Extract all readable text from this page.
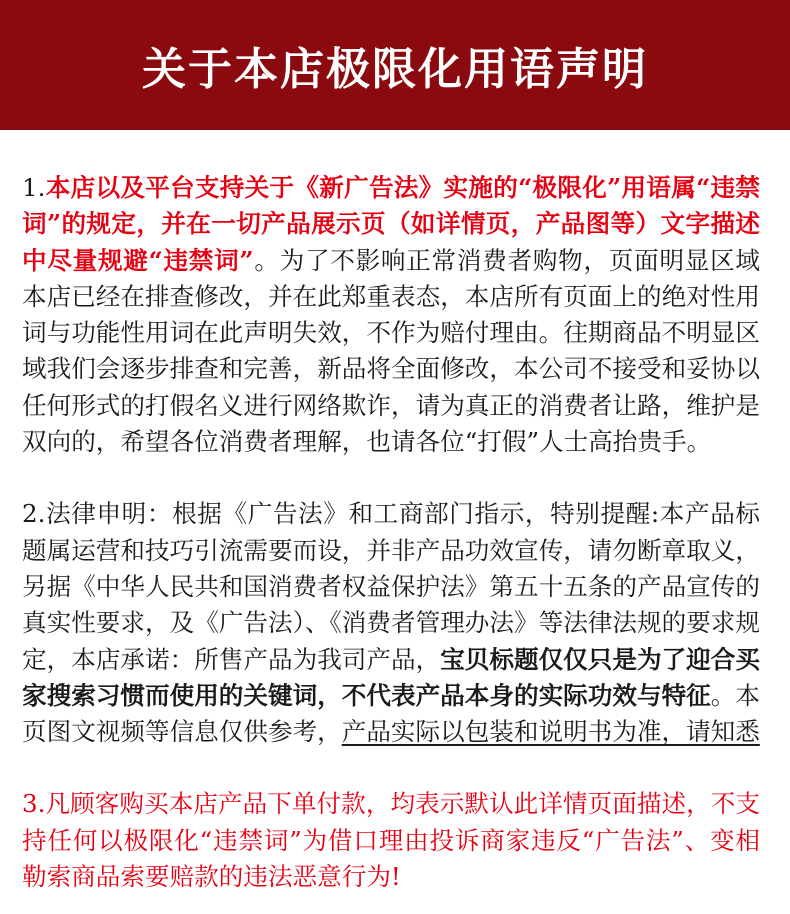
关于本店极限化用语声明
1.本店以及平台支持关于《新广告法》实施的“极限化”用语属“违禁词”的规定，并在一切产品展示页（如详情页，产品图等）文字描述中尽量规避“违禁词”。为了不影响正常消费者购物，页面明显区域本店已经在排查修改，并在此郑重表态，本店所有页面上的绝对性用词与功能性用词在此声明失效，不作为赔付理由。往期商品不明显区域我们会逐步排查和完善，新品将全面修改，本公司不接受和妥协以任何形式的打假名义进行网络欺诈，请为真正的消费者让路，维护是双向的，希望各位消费者理解，也请各位“打假”人士高抬贵手。
2.法律申明：根据《广告法》和工商部门指示，特别提醒:本产品标题属运营和技巧引流需要而设，并非产品功效宣传，请勿断章取义，另据《中华人民共和国消费者权益保护法》第五十五条的产品宣传的真实性要求，及《广告法）、《消费者管理办法》等法律法规的要求规定，本店承诺：所售产品为我司产品，宝贝标题仅仅只是为了迎合买家搜索习惯而使用的关键词，不代表产品本身的实际功效与特征。本页图文视频等信息仅供参考，产品实际以包装和说明书为准，请知悉
3.凡顾客购买本店产品下单付款，均表示默认此详情页面描述，不支持任何以极限化“违禁词”为借口理由投诉商家违反“广告法”、变相勒索商品索要赔款的违法恶意行为!
